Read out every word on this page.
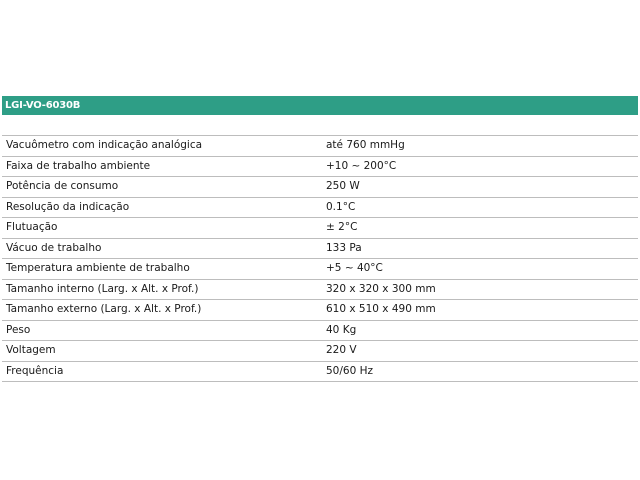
LGI-VO-6030B
Vacuômetro com indicação analógica	até 760 mmHg
Faixa de trabalho ambiente	+10 ~ 200°C
Potência de consumo	250 W
Resolução da indicação	0.1°C
Flutuação	± 2°C
Vácuo de trabalho	133 Pa
Temperatura ambiente de trabalho	+5 ~ 40°C
Tamanho interno (Larg. x Alt. x Prof.)	320 x 320 x 300 mm
Tamanho externo (Larg. x Alt. x Prof.)	610 x 510 x 490 mm
Peso	40 Kg
Voltagem	220 V
Frequência	50/60 Hz
